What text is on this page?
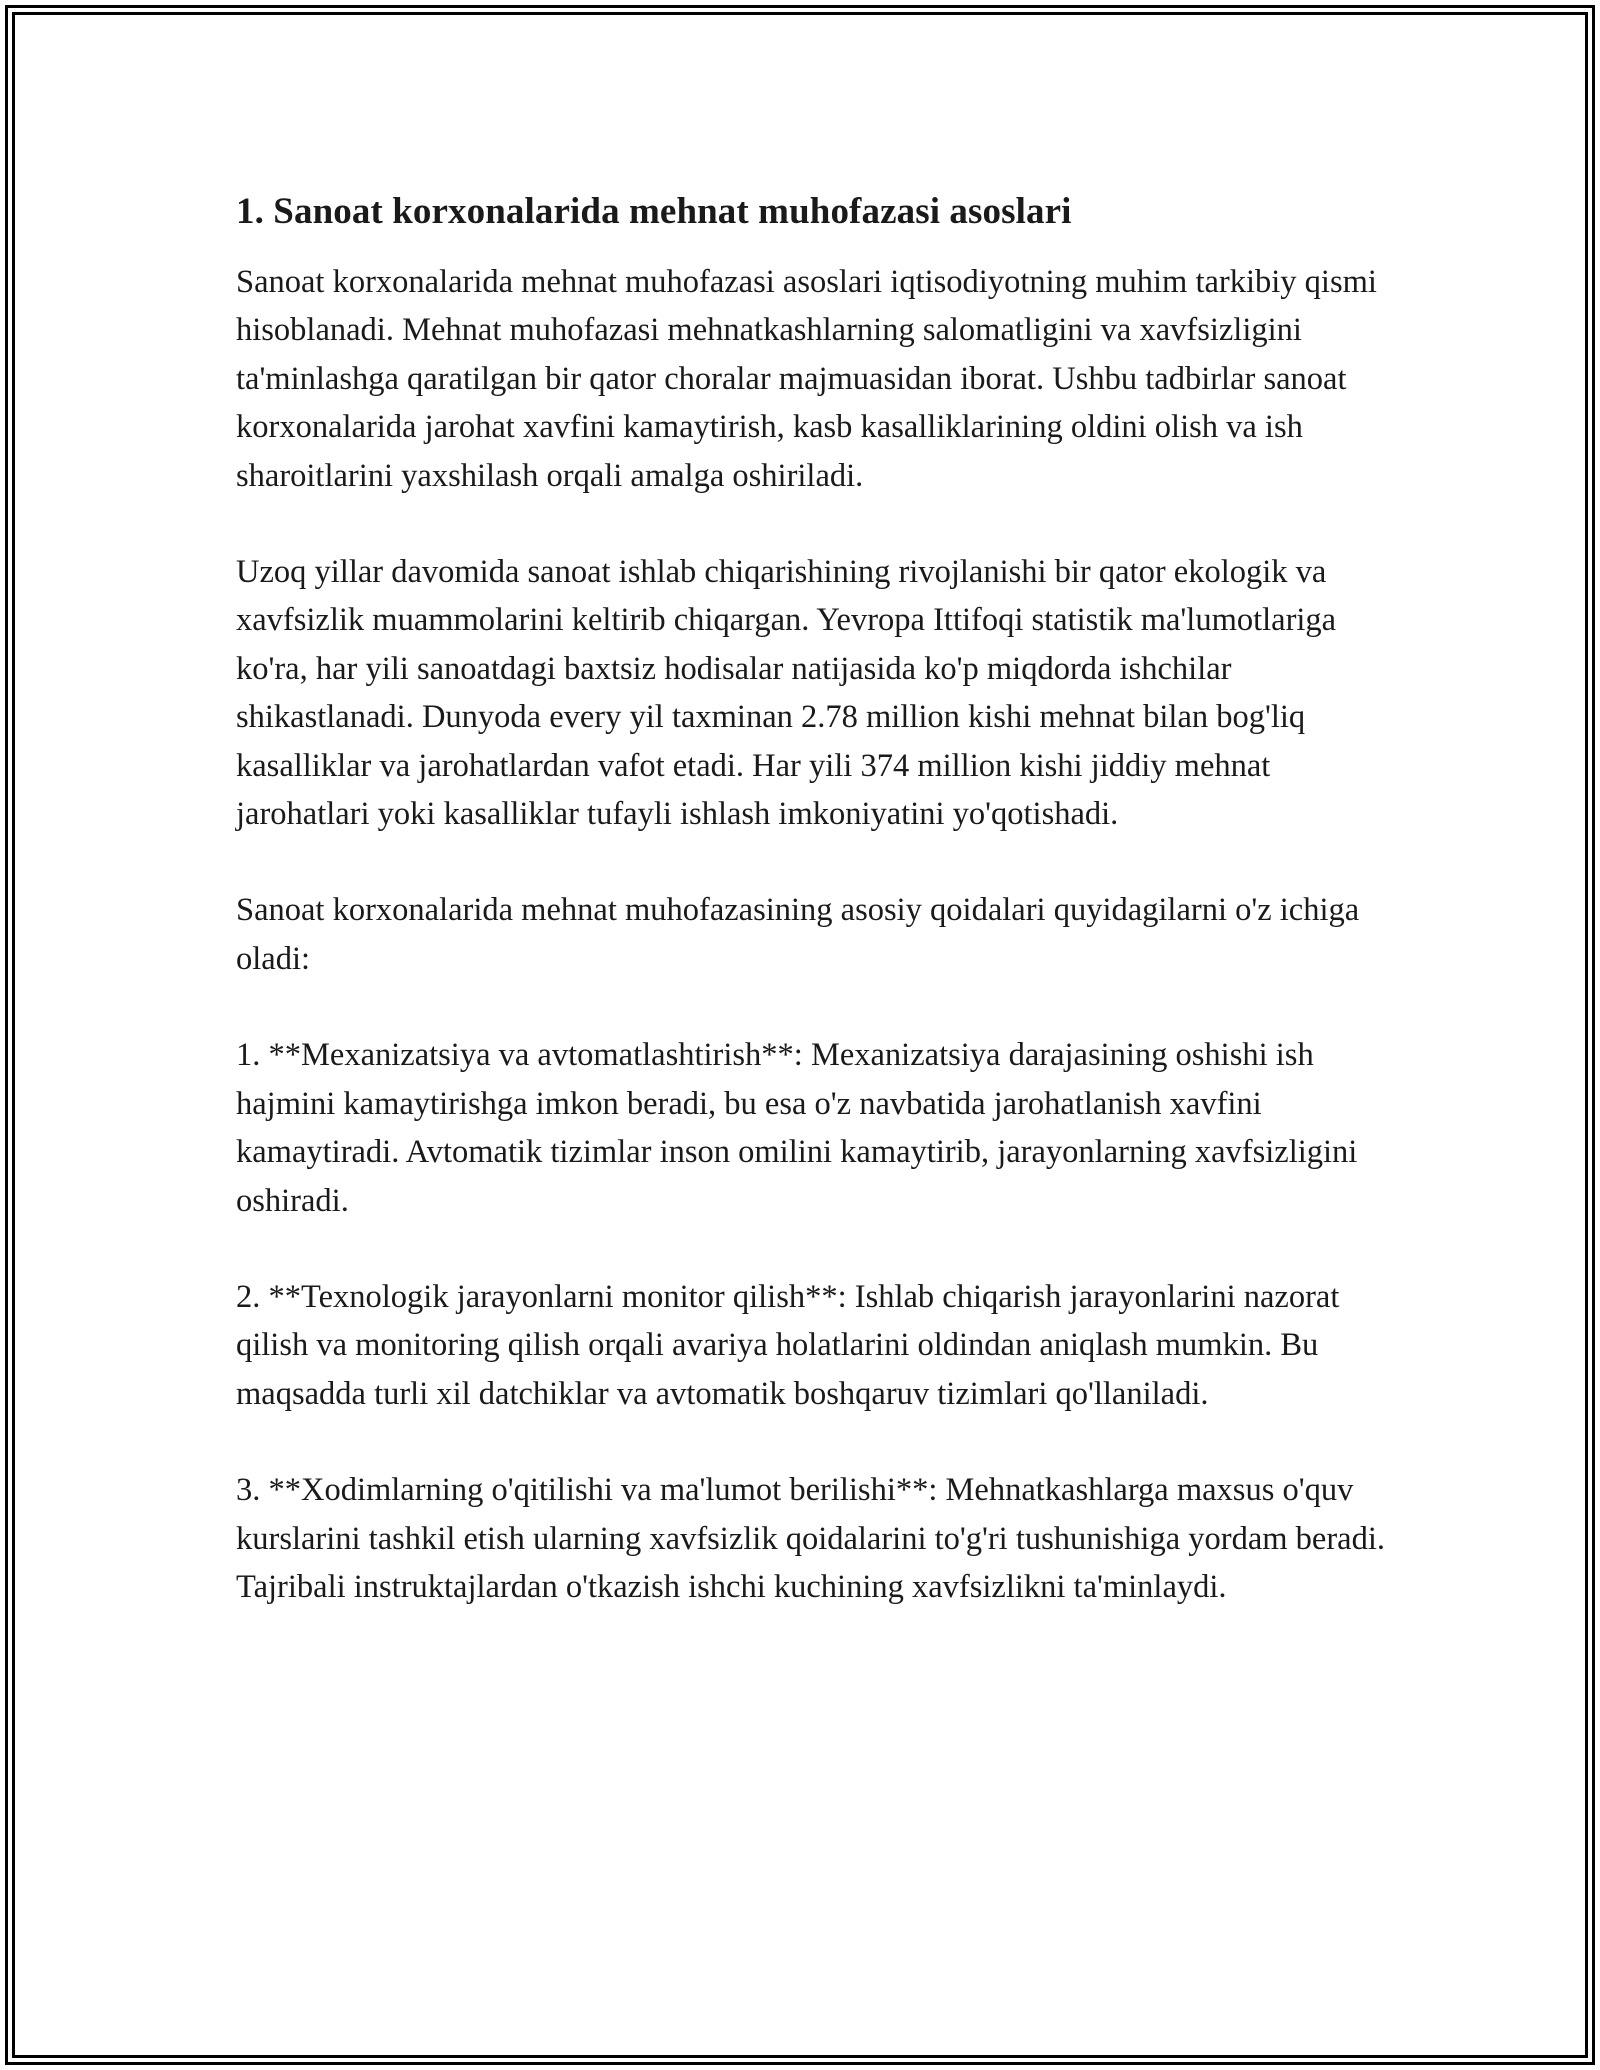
1. Sanoat korxonalarida mehnat muhofazasi asoslari

Sanoat korxonalarida mehnat muhofazasi asoslari iqtisodiyotning muhim tarkibiy qismi hisoblanadi. Mehnat muhofazasi mehnatkashlarning salomatligini va xavfsizligini ta'minlashga qaratilgan bir qator choralar majmuasidan iborat. Ushbu tadbirlar sanoat korxonalarida jarohat xavfini kamaytirish, kasb kasalliklarining oldini olish va ish sharoitlarini yaxshilash orqali amalga oshiriladi.

Uzoq yillar davomida sanoat ishlab chiqarishining rivojlanishi bir qator ekologik va xavfsizlik muammolarini keltirib chiqargan. Yevropa Ittifoqi statistik ma'lumotlariga ko'ra, har yili sanoatdagi baxtsiz hodisalar natijasida ko'p miqdorda ishchilar shikastlanadi. Dunyoda every yil taxminan 2.78 million kishi mehnat bilan bog'liq kasalliklar va jarohatlardan vafot etadi. Har yili 374 million kishi jiddiy mehnat jarohatlari yoki kasalliklar tufayli ishlash imkoniyatini yo'qotishadi.

Sanoat korxonalarida mehnat muhofazasining asosiy qoidalari quyidagilarni o'z ichiga oladi:

1. **Mexanizatsiya va avtomatlashtirish**: Mexanizatsiya darajasining oshishi ish hajmini kamaytirishga imkon beradi, bu esa o'z navbatida jarohatlanish xavfini kamaytiradi. Avtomatik tizimlar inson omilini kamaytirib, jarayonlarning xavfsizligini oshiradi.

2. **Texnologik jarayonlarni monitor qilish**: Ishlab chiqarish jarayonlarini nazorat qilish va monitoring qilish orqali avariya holatlarini oldindan aniqlash mumkin. Bu maqsadda turli xil datchiklar va avtomatik boshqaruv tizimlari qo'llaniladi.

3. **Xodimlarning o'qitilishi va ma'lumot berilishi**: Mehnatkashlarga maxsus o'quv kurslarini tashkil etish ularning xavfsizlik qoidalarini to'g'ri tushunishiga yordam beradi. Tajribali instruktajlardan o'tkazish ishchi kuchining xavfsizlikni ta'minlaydi.
